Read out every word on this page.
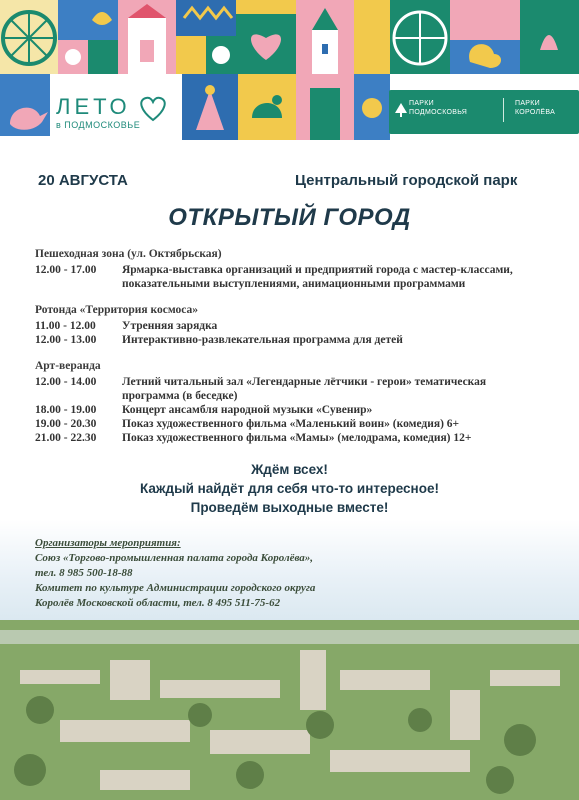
ЛЕТО
в ПОДМОСКОВЬЕ
ПАРКИ
ПОДМОСКОВЬЯ
ПАРКИ
КОРОЛЁВА
20 АВГУСТА	Центральный городской парк
ОТКРЫТЫЙ ГОРОД
Пешеходная зона (ул. Октябрьская)
12.00 - 17.00	Ярмарка-выставка организаций и предприятий города с мастер-классами, показательными выступлениями, анимационными программами
Ротонда «Территория космоса»
11.00 - 12.00	Утренняя зарядка
12.00 - 13.00	Интерактивно-развлекательная программа для детей
Арт-веранда
12.00 - 14.00	Летний читальный зал «Легендарные лётчики - герои» тематическая программа (в беседке)
18.00 - 19.00	Концерт ансамбля народной музыки «Сувенир»
19.00 - 20.30	Показ художественного фильма «Маленький воин» (комедия) 6+
21.00 - 22.30	Показ художественного фильма «Мамы» (мелодрама, комедия) 12+
Ждём всех!
Каждый найдёт для себя что-то интересное!
Проведём выходные вместе!
Организаторы мероприятия:
Союз «Торгово-промышленная палата города Королёва»,
тел. 8 985 500-18-88
Комитет по культуре Администрации городского округа
Королёв Московской области, тел. 8 495 511-75-62
